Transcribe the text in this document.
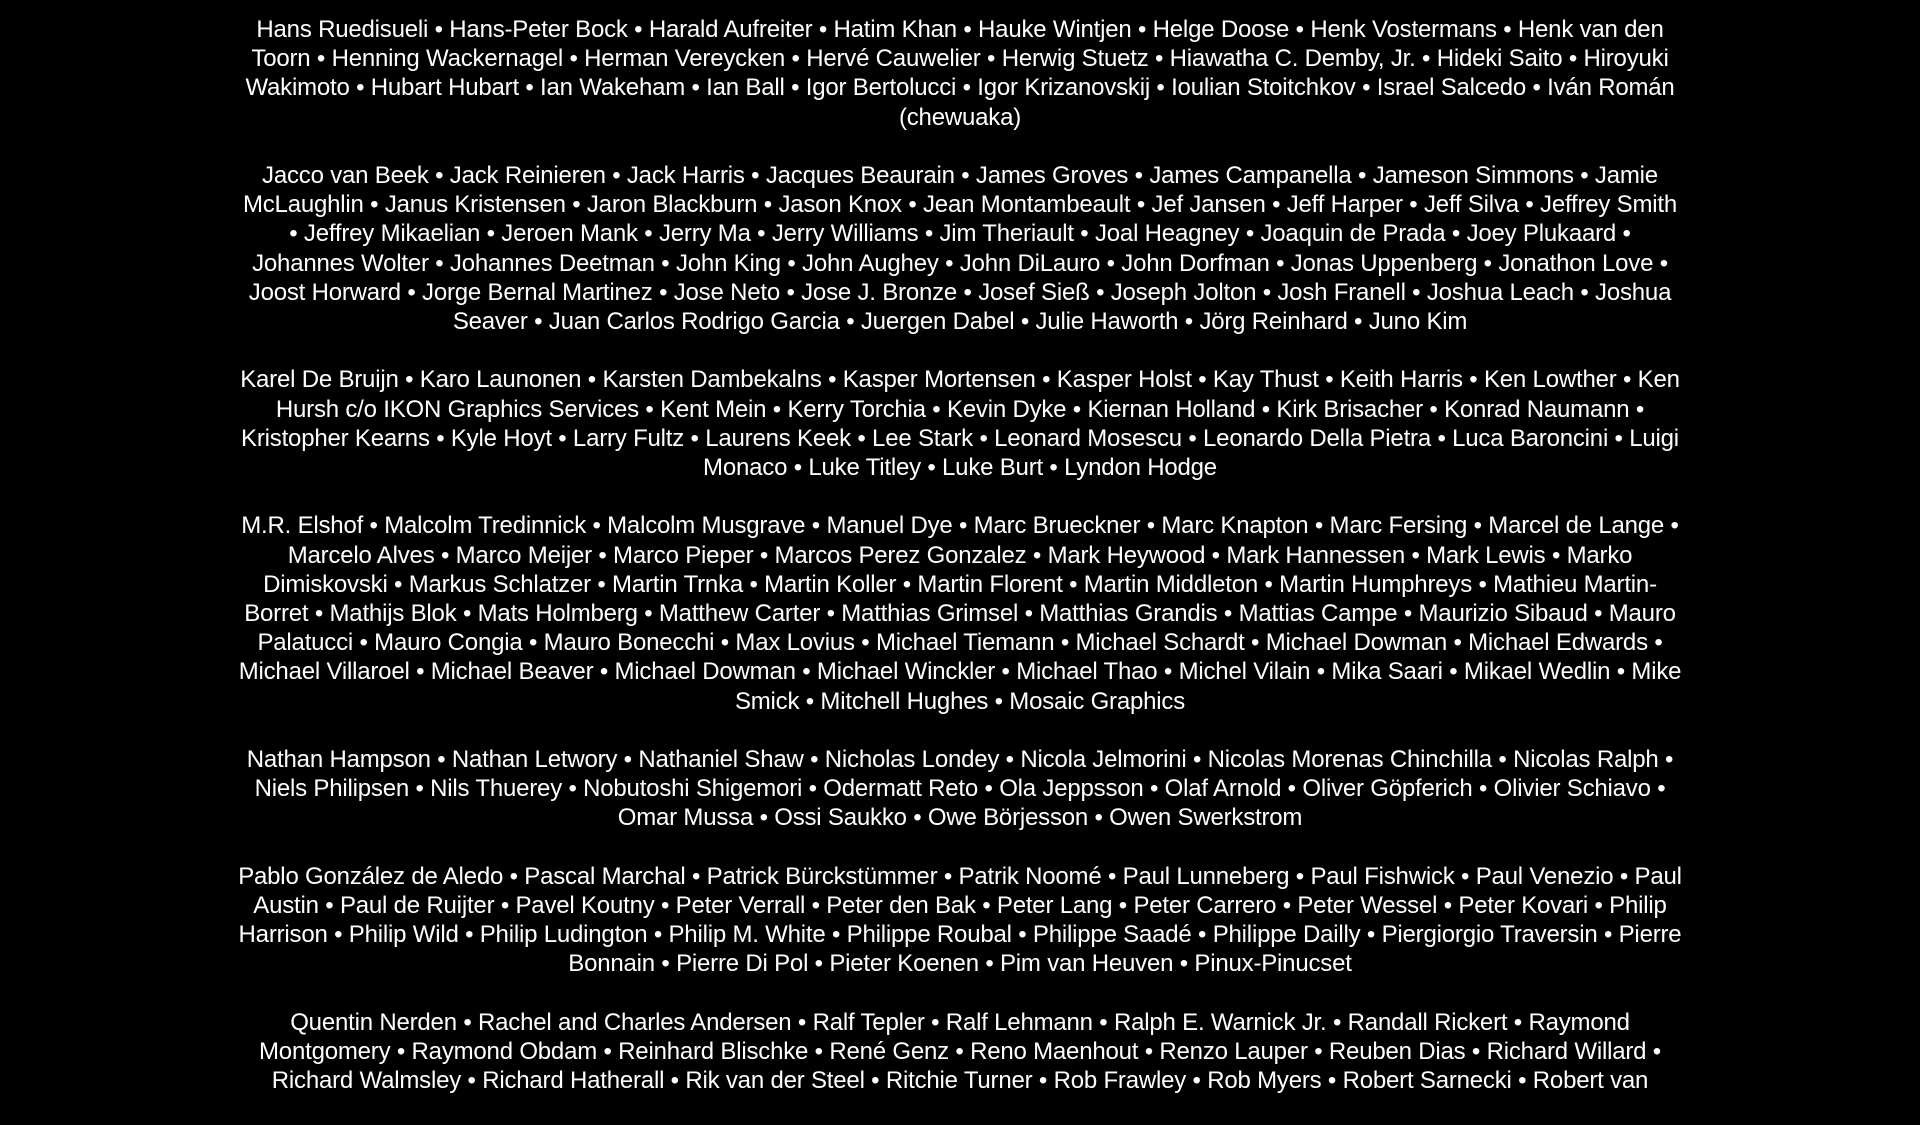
Hans Ruedisueli • Hans-Peter Bock • Harald Aufreiter • Hatim Khan • Hauke Wintjen • Helge Doose • Henk Vostermans • Henk van den Toorn • Henning Wackernagel • Herman Vereycken • Hervé Cauwelier • Herwig Stuetz • Hiawatha C. Demby, Jr. • Hideki Saito • Hiroyuki Wakimoto • Hubart Hubart • Ian Wakeham • Ian Ball • Igor Bertolucci • Igor Krizanovskij • Ioulian Stoitchkov • Israel Salcedo • Iván Román (chewuaka)

Jacco van Beek • Jack Reinieren • Jack Harris • Jacques Beaurain • James Groves • James Campanella • Jameson Simmons • Jamie McLaughlin • Janus Kristensen • Jaron Blackburn • Jason Knox • Jean Montambeault • Jef Jansen • Jeff Harper • Jeff Silva • Jeffrey Smith • Jeffrey Mikaelian • Jeroen Mank • Jerry Ma • Jerry Williams • Jim Theriault • Joal Heagney • Joaquin de Prada • Joey Plukaard • Johannes Wolter • Johannes Deetman • John King • John Aughey • John DiLauro • John Dorfman • Jonas Uppenberg • Jonathon Love • Joost Horward • Jorge Bernal Martinez • Jose Neto • Jose J. Bronze • Josef Sieß • Joseph Jolton • Josh Franell • Joshua Leach • Joshua Seaver • Juan Carlos Rodrigo Garcia • Juergen Dabel • Julie Haworth • Jörg Reinhard • Juno Kim

Karel De Bruijn • Karo Launonen • Karsten Dambekalns • Kasper Mortensen • Kasper Holst • Kay Thust • Keith Harris • Ken Lowther • Ken Hursh c/o IKON Graphics Services • Kent Mein • Kerry Torchia • Kevin Dyke • Kiernan Holland • Kirk Brisacher • Konrad Naumann • Kristopher Kearns • Kyle Hoyt • Larry Fultz • Laurens Keek • Lee Stark • Leonard Mosescu • Leonardo Della Pietra • Luca Baroncini • Luigi Monaco • Luke Titley • Luke Burt • Lyndon Hodge

M.R. Elshof • Malcolm Tredinnick • Malcolm Musgrave • Manuel Dye • Marc Brueckner • Marc Knapton • Marc Fersing • Marcel de Lange • Marcelo Alves • Marco Meijer • Marco Pieper • Marcos Perez Gonzalez • Mark Heywood • Mark Hannessen • Mark Lewis • Marko Dimiskovski • Markus Schlatzer • Martin Trnka • Martin Koller • Martin Florent • Martin Middleton • Martin Humphreys • Mathieu Martin-Borret • Mathijs Blok • Mats Holmberg • Matthew Carter • Matthias Grimsel • Matthias Grandis • Mattias Campe • Maurizio Sibaud • Mauro Palatucci • Mauro Congia • Mauro Bonecchi • Max Lovius • Michael Tiemann • Michael Schardt • Michael Dowman • Michael Edwards • Michael Villaroel • Michael Beaver • Michael Dowman • Michael Winckler • Michael Thao • Michel Vilain • Mika Saari • Mikael Wedlin • Mike Smick • Mitchell Hughes • Mosaic Graphics

Nathan Hampson • Nathan Letwory • Nathaniel Shaw • Nicholas Londey • Nicola Jelmorini • Nicolas Morenas Chinchilla • Nicolas Ralph • Niels Philipsen • Nils Thuerey • Nobutoshi Shigemori • Odermatt Reto • Ola Jeppsson • Olaf Arnold • Oliver Göpferich • Olivier Schiavo • Omar Mussa • Ossi Saukko • Owe Börjesson • Owen Swerkstrom

Pablo González de Aledo • Pascal Marchal • Patrick Bürckstümmer • Patrik Noomé • Paul Lunneberg • Paul Fishwick • Paul Venezio • Paul Austin • Paul de Ruijter • Pavel Koutny • Peter Verrall • Peter den Bak • Peter Lang • Peter Carrero • Peter Wessel • Peter Kovari • Philip Harrison • Philip Wild • Philip Ludington • Philip M. White • Philippe Roubal • Philippe Saadé • Philippe Dailly • Piergiorgio Traversin • Pierre Bonnain • Pierre Di Pol • Pieter Koenen • Pim van Heuven • Pinux-Pinucset

Quentin Nerden • Rachel and Charles Andersen • Ralf Tepler • Ralf Lehmann • Ralph E. Warnick Jr. • Randall Rickert • Raymond Montgomery • Raymond Obdam • Reinhard Blischke • René Genz • Reno Maenhout • Renzo Lauper • Reuben Dias • Richard Willard • Richard Walmsley • Richard Hatherall • Rik van der Steel • Ritchie Turner • Rob Frawley • Rob Myers • Robert Sarnecki • Robert van
